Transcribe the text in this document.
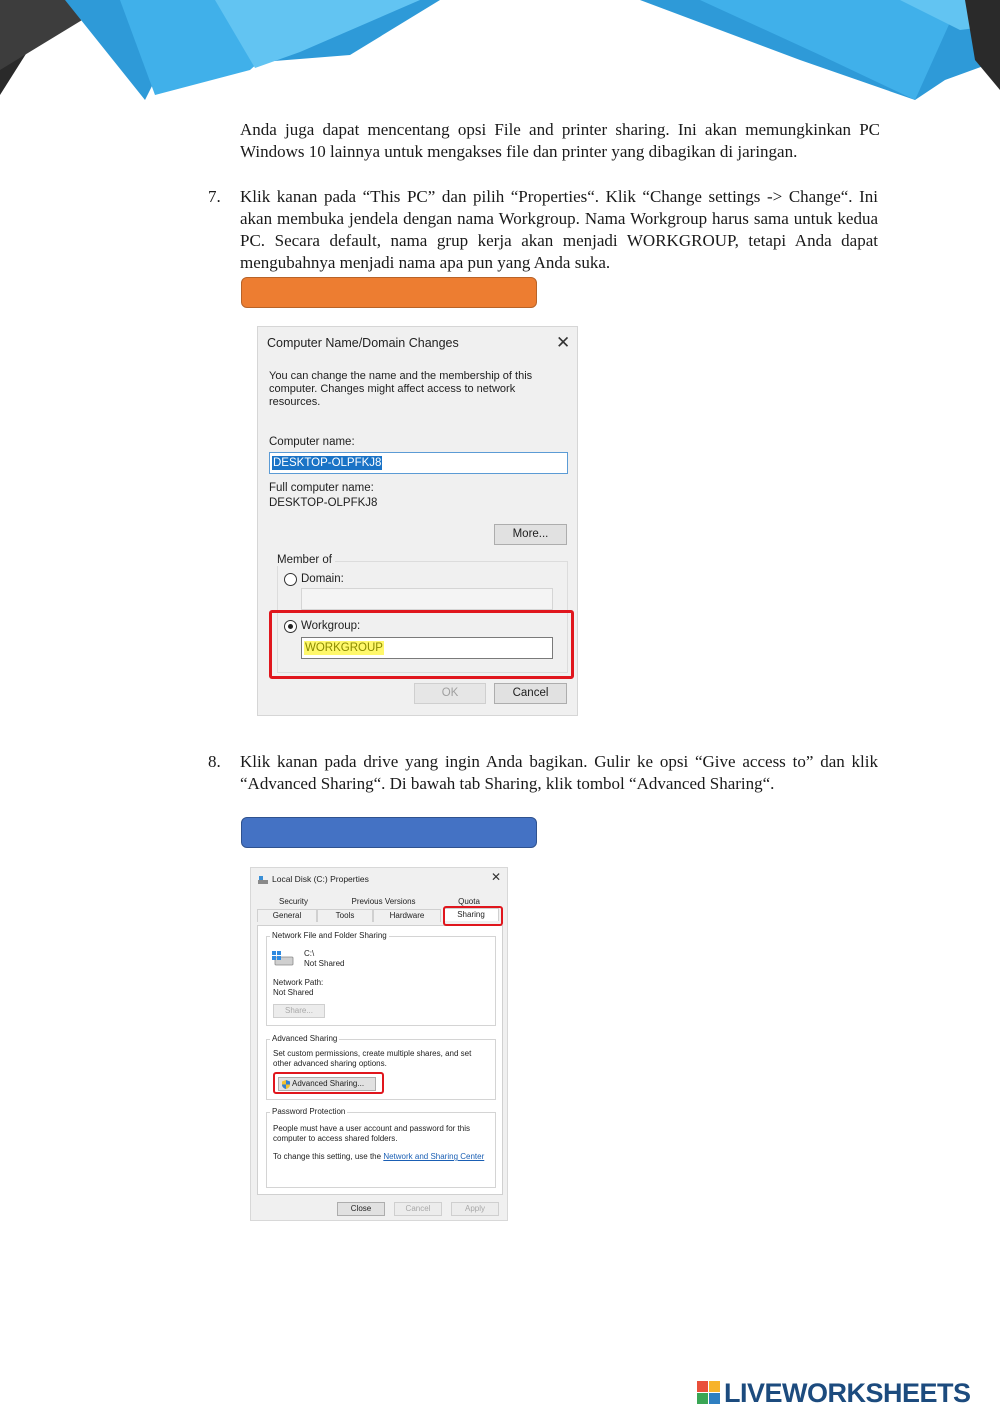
Anda juga dapat mencentang opsi File and printer sharing. Ini akan memungkinkan PC Windows 10 lainnya untuk mengakses file dan printer yang dibagikan di jaringan.

7. Klik kanan pada “This PC” dan pilih “Properties“. Klik “Change settings -> Change“. Ini akan membuka jendela dengan nama Workgroup. Nama Workgroup harus sama untuk kedua PC. Secara default, nama grup kerja akan menjadi WORKGROUP, tetapi Anda dapat mengubahnya menjadi nama apa pun yang Anda suka.

Computer Name/Domain Changes	✕
You can change the name and the membership of this computer. Changes might affect access to network resources.
Computer name:
DESKTOP-OLPFKJ8
Full computer name:
DESKTOP-OLPFKJ8
More...
Member of
Domain:
Workgroup:
WORKGROUP
OK	Cancel
8. Klik kanan pada drive yang ingin Anda bagikan. Gulir ke opsi “Give access to” dan klik “Advanced Sharing“. Di bawah tab Sharing, klik tombol “Advanced Sharing“.

Local Disk (C:) Properties	✕
Security	Previous Versions	Quota
General	Tools	Hardware	Sharing
Network File and Folder Sharing
C:\
Not Shared
Network Path:
Not Shared
Share...
Advanced Sharing
Set custom permissions, create multiple shares, and set other advanced sharing options.
Advanced Sharing...
Password Protection
People must have a user account and password for this computer to access shared folders.
To change this setting, use the Network and Sharing Center
Close	Cancel	Apply
LIVEWORKSHEETS
